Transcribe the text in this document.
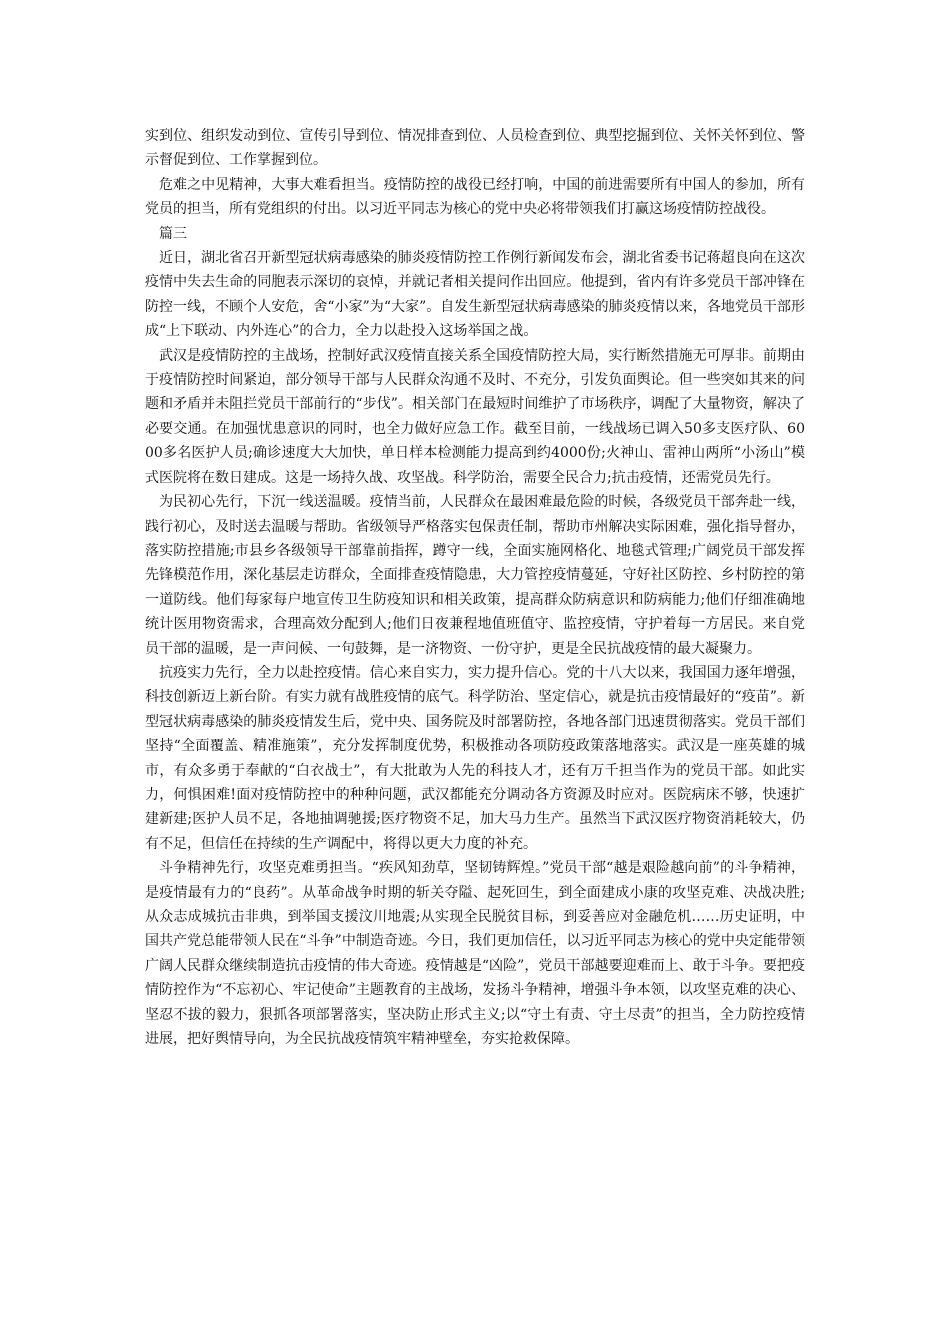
实到位、组织发动到位、宣传引导到位、情况排查到位、人员检查到位、典型挖掘到位、关怀关怀到位、警示督促到位、工作掌握到位。

危难之中见精神，大事大难看担当。疫情防控的战役已经打响，中国的前进需要所有中国人的参加，所有党员的担当，所有党组织的付出。以习近平同志为核心的党中央必将带领我们打赢这场疫情防控战役。

篇三

近日，湖北省召开新型冠状病毒感染的肺炎疫情防控工作例行新闻发布会，湖北省委书记蒋超良向在这次疫情中失去生命的同胞表示深切的哀悼，并就记者相关提问作出回应。他提到，省内有许多党员干部冲锋在防控一线，不顾个人安危，舍“小家”为“大家”。自发生新型冠状病毒感染的肺炎疫情以来，各地党员干部形成“上下联动、内外连心”的合力，全力以赴投入这场举国之战。

武汉是疫情防控的主战场，控制好武汉疫情直接关系全国疫情防控大局，实行断然措施无可厚非。前期由于疫情防控时间紧迫，部分领导干部与人民群众沟通不及时、不充分，引发负面舆论。但一些突如其来的问题和矛盾并未阻拦党员干部前行的“步伐”。相关部门在最短时间维护了市场秩序，调配了大量物资，解决了必要交通。在加强忧患意识的同时，也全力做好应急工作。截至目前，一线战场已调入50多支医疗队、6000多名医护人员;确诊速度大大加快，单日样本检测能力提高到约4000份;火神山、雷神山两所“小汤山”模式医院将在数日建成。这是一场持久战、攻坚战。科学防治，需要全民合力;抗击疫情，还需党员先行。

为民初心先行，下沉一线送温暖。疫情当前，人民群众在最困难最危险的时候，各级党员干部奔赴一线，践行初心，及时送去温暖与帮助。省级领导严格落实包保责任制，帮助市州解决实际困难，强化指导督办，落实防控措施;市县乡各级领导干部靠前指挥，蹲守一线，全面实施网格化、地毯式管理;广阔党员干部发挥先锋模范作用，深化基层走访群众，全面排查疫情隐患，大力管控疫情蔓延，守好社区防控、乡村防控的第一道防线。他们每家每户地宣传卫生防疫知识和相关政策，提高群众防病意识和防病能力;他们仔细准确地统计医用物资需求，合理高效分配到人;他们日夜兼程地值班值守、监控疫情，守护着每一方居民。来自党员干部的温暖，是一声问候、一句鼓舞，是一济物资、一份守护，更是全民抗战疫情的最大凝聚力。

抗疫实力先行，全力以赴控疫情。信心来自实力，实力提升信心。党的十八大以来，我国国力逐年增强，科技创新迈上新台阶。有实力就有战胜疫情的底气。科学防治、坚定信心，就是抗击疫情最好的“疫苗”。新型冠状病毒感染的肺炎疫情发生后，党中央、国务院及时部署防控，各地各部门迅速贯彻落实。党员干部们坚持“全面覆盖、精准施策”，充分发挥制度优势，积极推动各项防疫政策落地落实。武汉是一座英雄的城市，有众多勇于奉献的“白衣战士”，有大批敢为人先的科技人才，还有万千担当作为的党员干部。如此实力，何惧困难!面对疫情防控中的种种问题，武汉都能充分调动各方资源及时应对。医院病床不够，快速扩建新建;医护人员不足，各地抽调驰援;医疗物资不足，加大马力生产。虽然当下武汉医疗物资消耗较大，仍有不足，但信任在持续的生产调配中，将得以更大力度的补充。

斗争精神先行，攻坚克难勇担当。“疾风知劲草，坚韧铸辉煌。”党员干部“越是艰险越向前”的斗争精神，是疫情最有力的“良药”。从革命战争时期的斩关夺隘、起死回生，到全面建成小康的攻坚克难、决战决胜;从众志成城抗击非典，到举国支援汶川地震;从实现全民脱贫目标，到妥善应对金融危机……历史证明，中国共产党总能带领人民在“斗争”中制造奇迹。今日，我们更加信任，以习近平同志为核心的党中央定能带领广阔人民群众继续制造抗击疫情的伟大奇迹。疫情越是“凶险”，党员干部越要迎难而上、敢于斗争。要把疫情防控作为“不忘初心、牢记使命”主题教育的主战场，发扬斗争精神，增强斗争本领，以攻坚克难的决心、坚忍不拔的毅力，狠抓各项部署落实，坚决防止形式主义;以“守土有责、守土尽责”的担当，全力防控疫情进展，把好舆情导向，为全民抗战疫情筑牢精神壁垒，夯实抢救保障。
